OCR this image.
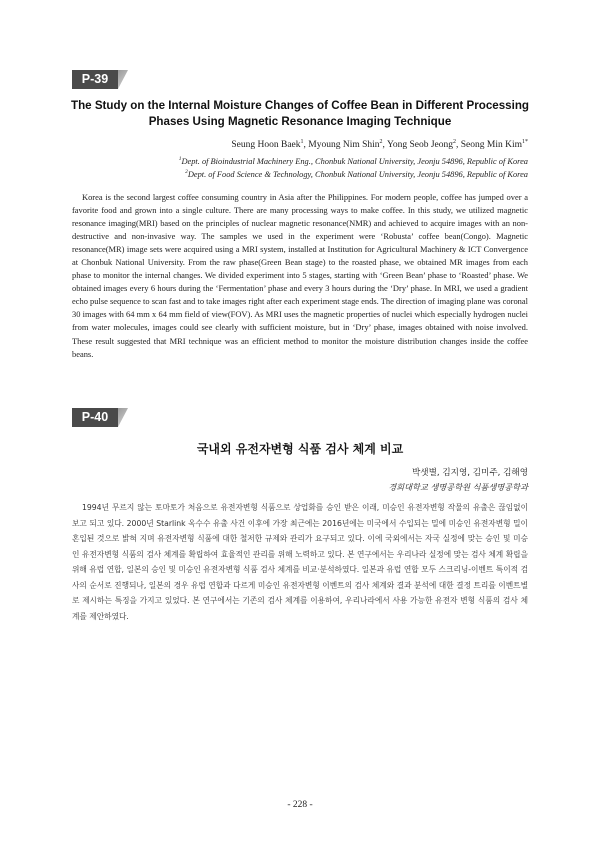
P-39
The Study on the Internal Moisture Changes of Coffee Bean in Different Processing Phases Using Magnetic Resonance Imaging Technique
Seung Hoon Baek$^1$, Myoung Nim Shin$^2$, Yong Seob Jeong$^2$, Seong Min Kim$^{1*}$
$^1$Dept. of Bioindustrial Machinery Eng., Chonbuk National University, Jeonju 54896, Republic of Korea
$^2$Dept. of Food Science & Technology, Chonbuk National University, Jeonju 54896, Republic of Korea

Korea is the second largest coffee consuming country in Asia after the Philippines. For modern people, coffee has jumped over a favorite food and grown into a single culture. There are many processing ways to make coffee. In this study, we utilized magnetic resonance imaging(MRI) based on the principles of nuclear magnetic resonance(NMR) and achieved to acquire images with an non-destructive and non-invasive way. The samples we used in the experiment were ‘Robusta’ coffee bean(Congo). Magnetic resonance(MR) image sets were acquired using a MRI system, installed at Institution for Agricultural Machinery & ICT Convergence at Chonbuk National University. From the raw phase(Green Bean stage) to the roasted phase, we obtained MR images from each phase to monitor the internal changes. We divided experiment into 5 stages, starting with ‘Green Bean’ phase to ‘Roasted’ phase. We obtained images every 6 hours during the ‘Fermentation’ phase and every 3 hours during the ‘Dry’ phase. In MRI, we used a gradient echo pulse sequence to scan fast and to take images right after each experiment stage ends. The direction of imaging plane was coronal 30 images with 64 mm x 64 mm field of view(FOV). As MRI uses the magnetic properties of nuclei which especially hydrogen nuclei from water molecules, images could see clearly with sufficient moisture, but in ‘Dry’ phase, images obtained with noise involved. These result suggested that MRI technique was an efficient method to monitor the moisture distribution changes inside the coffee beans.

P-40
국내외 유전자변형 식품 검사 체계 비교
박샛별, 김지영, 김미주, 김해영
경희대학교 생명공학원 식품생명공학과

1994년 무르지 않는 토마토가 처음으로 유전자변형 식품으로 상업화를 승인 받은 이래, 미승인 유전자변형 작물의 유출은 끊임없이 보고 되고 있다. 2000년 Starlink 옥수수 유출 사건 이후에 가장 최근에는 2016년에는 미국에서 수입되는 밀에 미승인 유전자변형 밀이 혼입된 것으로 밝혀 지며 유전자변형 식품에 대한 철저한 규제와 관리가 요구되고 있다. 이에 국외에서는 자국 실정에 맞는 승인 및 미승인 유전자변형 식품의 검사 체계를 확립하여 효율적인 관리를 위해 노력하고 있다. 본 연구에서는 우리나라 실정에 맞는 검사 체계 확립을 위해 유럽 연합, 일본의 승인 및 미승인 유전자변형 식품 검사 체계를 비교·분석하였다. 일본과 유럽 연합 모두 스크리닝-이벤트 특이적 검사의 순서로 진행되나, 일본의 경우 유럽 연합과 다르게 미승인 유전자변형 이벤트의 검사 체계와 결과 분석에 대한 결정 트리를 이벤트별로 제시하는 특징을 가지고 있었다. 본 연구에서는 기존의 검사 체계를 이용하여, 우리나라에서 사용 가능한 유전자 변형 식품의 검사 체계를 제안하였다.

- 228 -
